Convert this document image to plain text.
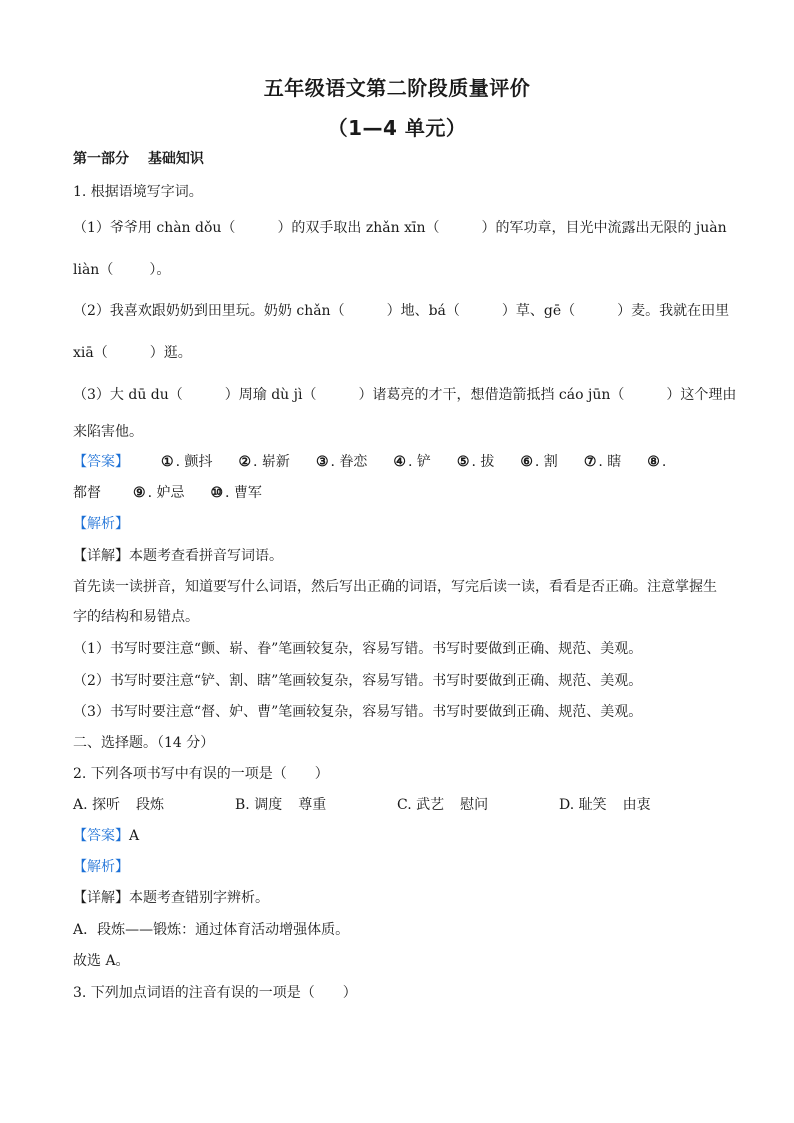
五年级语文第二阶段质量评价
（1—4 单元）
第一部分　 基础知识
1. 根据语境写字词。
（1）爷爷用 chàn dǒu（	）的双手取出 zhǎn xīn（	）的军功章，目光中流露出无限的 juàn
liàn（	）。
（2）我喜欢跟奶奶到田里玩。奶奶 chǎn（	）地、bá（	）草、gē（	）麦。我就在田里
xiā（	）逛。
（3）大 dū du（	）周瑜 dù jì（	）诸葛亮的才干，想借造箭抵挡 cáo jūn（	）这个理由
来陷害他。
【答案】 ① . 颤抖 ② . 崭新 ③ . 眷恋 ④ . 铲 ⑤ . 拔 ⑥ . 割 ⑦ . 瞎 ⑧ .
都督 ⑨ . 妒忌 ⑩ . 曹军
【解析】
【详解】本题考查看拼音写词语。
首先读一读拼音，知道要写什么词语，然后写出正确的词语，写完后读一读，看看是否正确。注意掌握生
字的结构和易错点。
（1）书写时要注意“颤、崭、眷”笔画较复杂，容易写错。书写时要做到正确、规范、美观。
（2）书写时要注意“铲、割、瞎”笔画较复杂，容易写错。书写时要做到正确、规范、美观。
（3）书写时要注意“督、妒、曹”笔画较复杂，容易写错。书写时要做到正确、规范、美观。
二、选择题。（14 分）
2. 下列各项书写中有误的一项是（　　）
A. 探听 段炼	B. 调度 尊重	C. 武艺 慰问	D. 耻笑 由衷
【答案】A
【解析】
【详解】本题考查错别字辨析。
A．段炼——锻炼：通过体育活动增强体质。
故选 A。
3. 下列加点词语的注音有误的一项是（　　）
